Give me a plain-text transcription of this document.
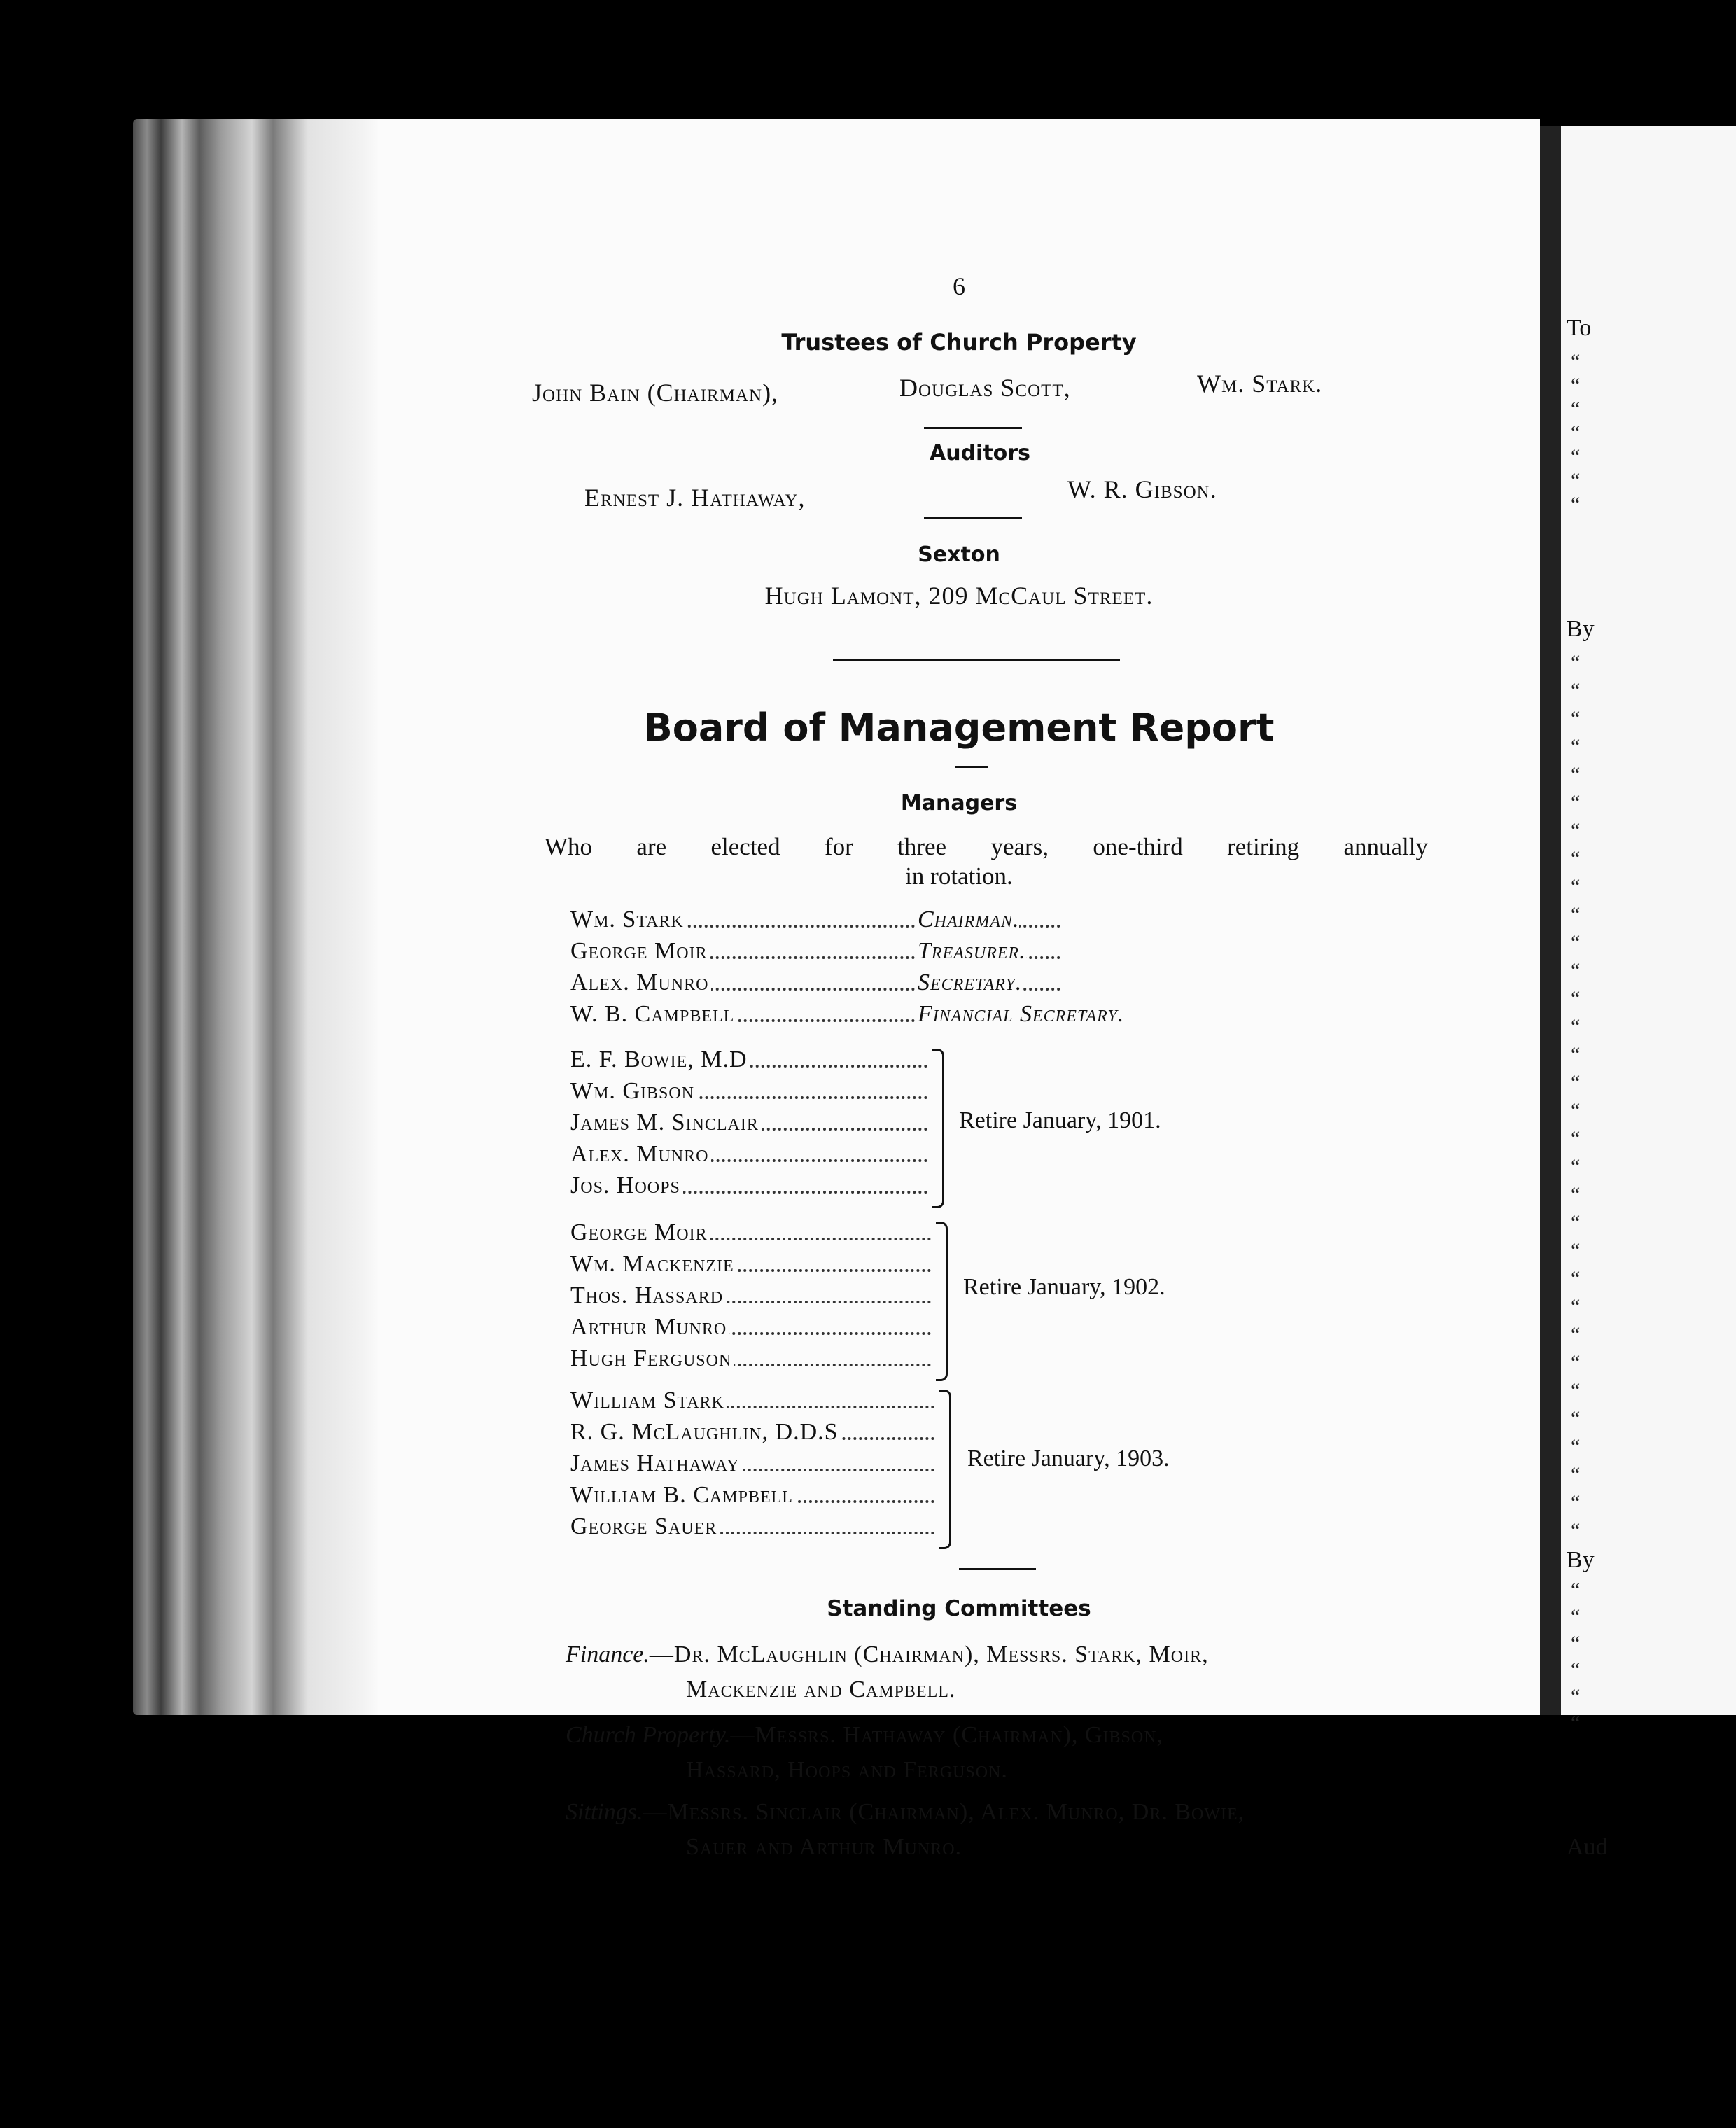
6
Trustees of Church Property
John Bain (Chairman),	Douglas Scott,	Wm. Stark.
Auditors
Ernest J. Hathaway,	W. R. Gibson.
Sexton
Hugh Lamont, 209 McCaul Street.
Board of Management Report
Managers
Who are elected for three years, one-third retiring annually
in rotation.
Wm. Stark	Chairman.
George Moir	Treasurer.
Alex. Munro	Secretary.
W. B. Campbell	Financial Secretary.
E. F. Bowie, M.D
Wm. Gibson
James M. Sinclair
Alex. Munro
Jos. Hoops
Retire January, 1901.
George Moir
Wm. Mackenzie
Thos. Hassard
Arthur Munro
Hugh Ferguson
Retire January, 1902.
William Stark
R. G. McLaughlin, D.D.S
James Hathaway
William B. Campbell
George Sauer
Retire January, 1903.
Standing Committees
Finance.—Dr. McLaughlin (Chairman), Messrs. Stark, Moir,
Mackenzie and Campbell.
Church Property.—Messrs. Hathaway (Chairman), Gibson,
Hassard, Hoops and Ferguson.
Sittings.—Messrs. Sinclair (Chairman), Alex. Munro, Dr. Bowie,
Sauer and Arthur Munro.
To
By
By
Aud
“
“
“
“
“
“
“
“
“
“
“
“
“
“
“
“
“
“
“
“
“
“
“
“
“
“
“
“
“
“
“
“
“
“
“
“
“
“
“
“
“
“
“
“
“
